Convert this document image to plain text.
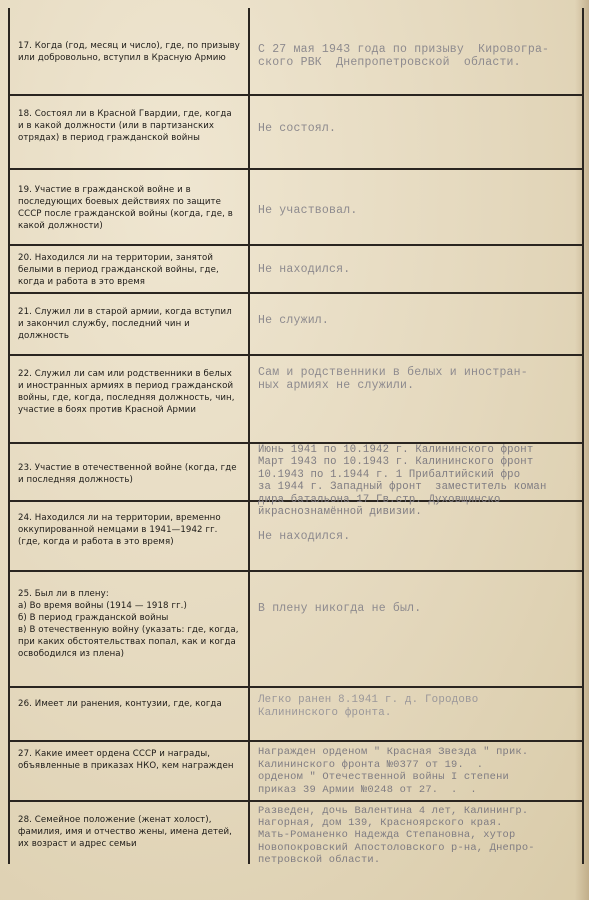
17. Когда (год, месяц и число), где, по призыву или добровольно, вступил в Красную Армию
С 27 мая 1943 года по призыву  Кировогра-
ского РВК  Днепропетровской  области.
18. Состоял ли в Красной Гвардии, где, когда и в какой должности (или в партизанских отрядах) в период гражданской войны
Не состоял.
19. Участие в гражданской войне и в последующих боевых действиях по защите СССР после гражданской войны (когда, где, в какой должности)
Не участвовал.
20. Находился ли на территории, занятой белыми в период гражданской войны, где, когда и работа в это время
Не находился.
21. Служил ли в старой армии, когда вступил и закончил службу, последний чин и должность
Не служил.
22. Служил ли сам или родственники в белых и иностранных армиях в период гражданской войны, где, когда, последняя должность, чин, участие в боях против Красной Армии
Сам и родственники в белых и иностран-
ных армиях не служили.
23. Участие в отечественной войне (когда, где и последняя должность)
Июнь 1941 по 10.1942 г. Калининского фронт
Март 1943 по 10.1943 г. Калининского фронт
10.1943 по 1.1944 г. 1 Прибалтийский фро
за 1944 г. Западный фронт  заместитель коман
дира батальона 17 Гв.стр. Духовщинско
йкраснознамённой дивизии.
24. Находился ли на территории, временно оккупированной немцами в 1941—1942 гг. (где, когда и работа в это время)	Не находился.
25. Был ли в плену:
а) Во время войны (1914 — 1918 гг.)
б) В период гражданской войны
в) В отечественную войну (указать: где, когда, при каких обстоятельствах попал, как и когда освободился из плена)
В плену никогда не был.
26. Имеет ли ранения, контузии, где, когда	Легко ранен 8.1941 г. д. Городово
Калининского фронта.
27. Какие имеет ордена СССР и награды, объявленные в приказах НКО, кем награжден
Награжден орденом " Красная Звезда " прик.
Калининского фронта №0377 от 19.  .
орденом " Отечественной войны I степени
приказ 39 Армии №0248 от 27.  .  .
28. Семейное положение (женат холост), фамилия, имя и отчество жены, имена детей, их возраст и адрес семьи
Разведен, дочь Валентина 4 лет, Калинингр.
Нагорная, дом 139, Красноярского края.
Мать-Романенко Надежда Степановна, хутор
Новопокровский Апостоловского р-на, Днепро-
петровской области.
